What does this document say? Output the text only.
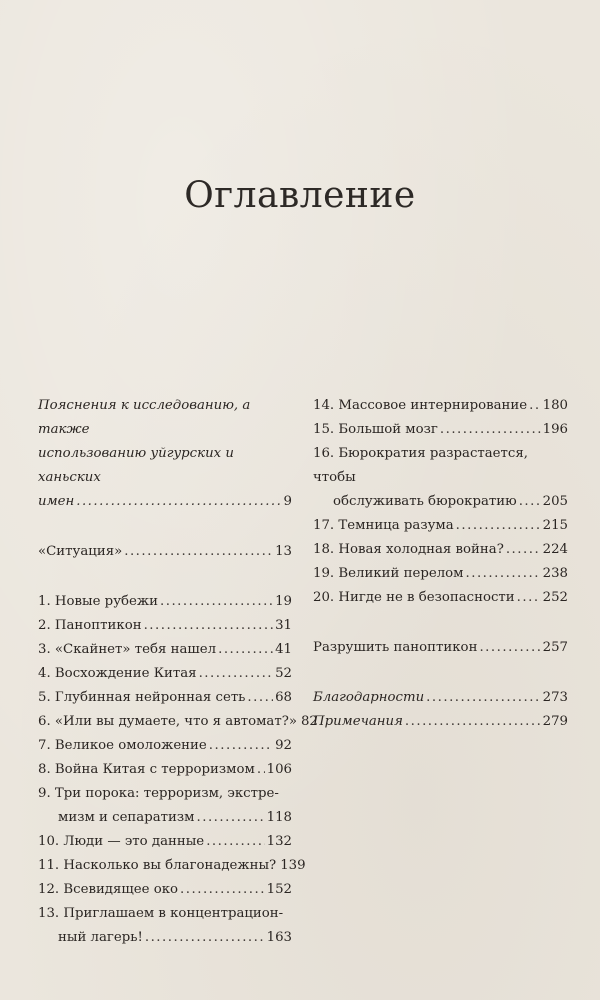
Оглавление
Пояснения к исследованию, а также
использованию уйгурских и ханьских
имен .....	9
«Ситуация» .....	13
1. Новые рубежи .....	19
2. Паноптикон .....	31
3. «Скайнет» тебя нашел .....	41
4. Восхождение Китая .....	52
5. Глубинная нейронная сеть ..... 68
6. «Или вы думаете, что я автомат?» 82
7. Великое омоложение .....	92
8. Война Китая с терроризмом ..... 106
9. Три порока: терроризм, экстре-
мизм и сепаратизм .....	118
10. Люди — это данные .....	132
11. Насколько вы благонадежны? 139
12. Всевидящее око .....	152
13. Приглашаем в концентрацион-
ный лагерь! .....	163
14. Массовое интернирование ..... 180
15. Большой мозг .....	196
16. Бюрократия разрастается, чтобы
обслуживать бюрократию ..... 205
17. Темница разума .....	215
18. Новая холодная война? .....	224
19. Великий перелом .....	238
20. Нигде не в безопасности ..... 252
Разрушить паноптикон .....	257
Благодарности .....	273
Примечания .....	279
